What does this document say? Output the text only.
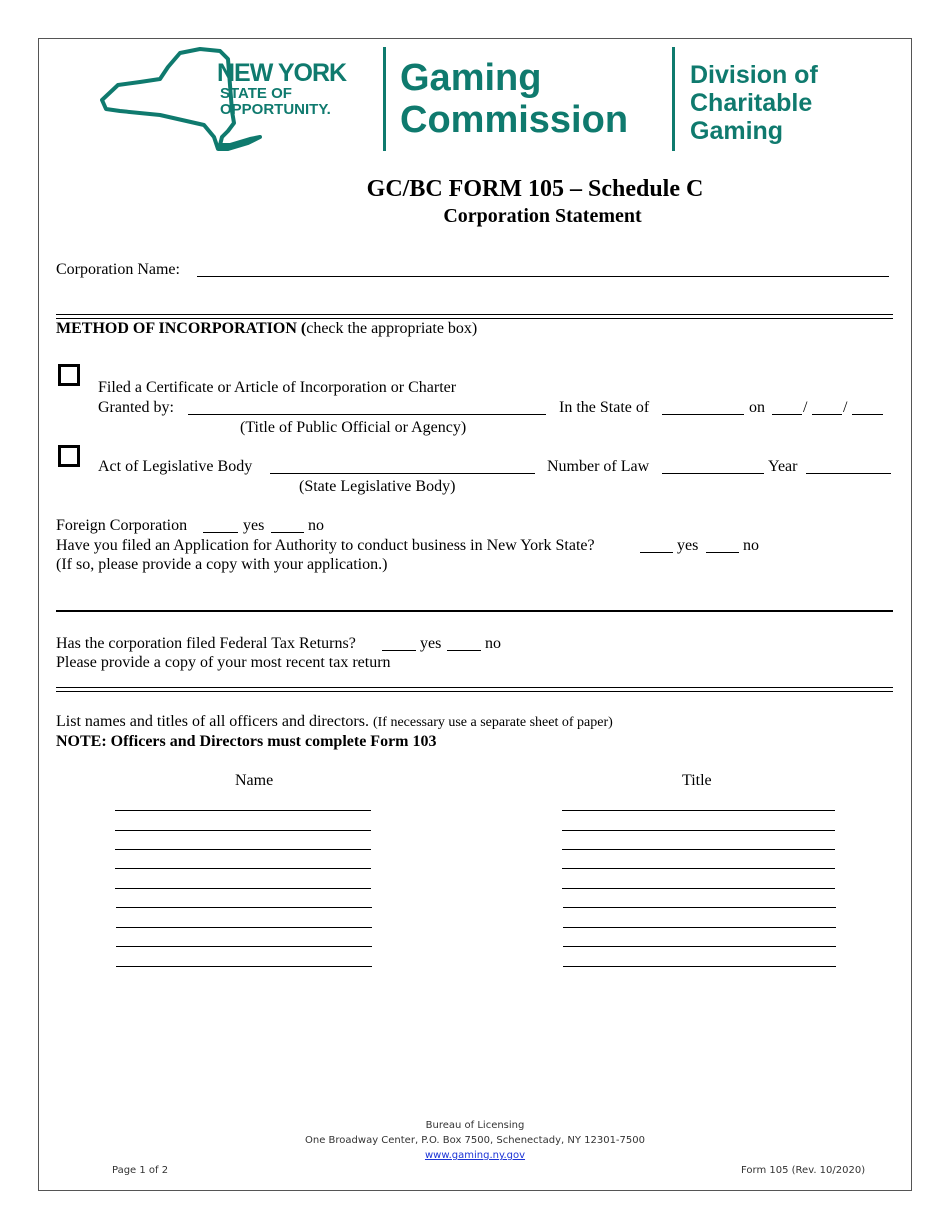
NEW YORK
STATE OF
OPPORTUNITY.
Gaming
Commission
Division of
Charitable
Gaming
GC/BC FORM 105 – Schedule C
Corporation Statement
Corporation Name:
METHOD OF INCORPORATION (check the appropriate box)
Filed a Certificate or Article of Incorporation or Charter
Granted by:
(Title of Public Official or Agency)
In the State of	on / /
Act of Legislative Body
(State Legislative Body)
Number of Law	Year
Foreign Corporation	yes	no
Have you filed an Application for Authority to conduct business in New York State?	yes	no
(If so, please provide a copy with your application.)
Has the corporation filed Federal Tax Returns?	yes	no
Please provide a copy of your most recent tax return
List names and titles of all officers and directors. (If necessary use a separate sheet of paper)
NOTE: Officers and Directors must complete Form 103
Name	Title
Bureau of Licensing
One Broadway Center, P.O. Box 7500, Schenectady, NY 12301-7500
www.gaming.ny.gov
Page 1 of 2	Form 105 (Rev. 10/2020)
